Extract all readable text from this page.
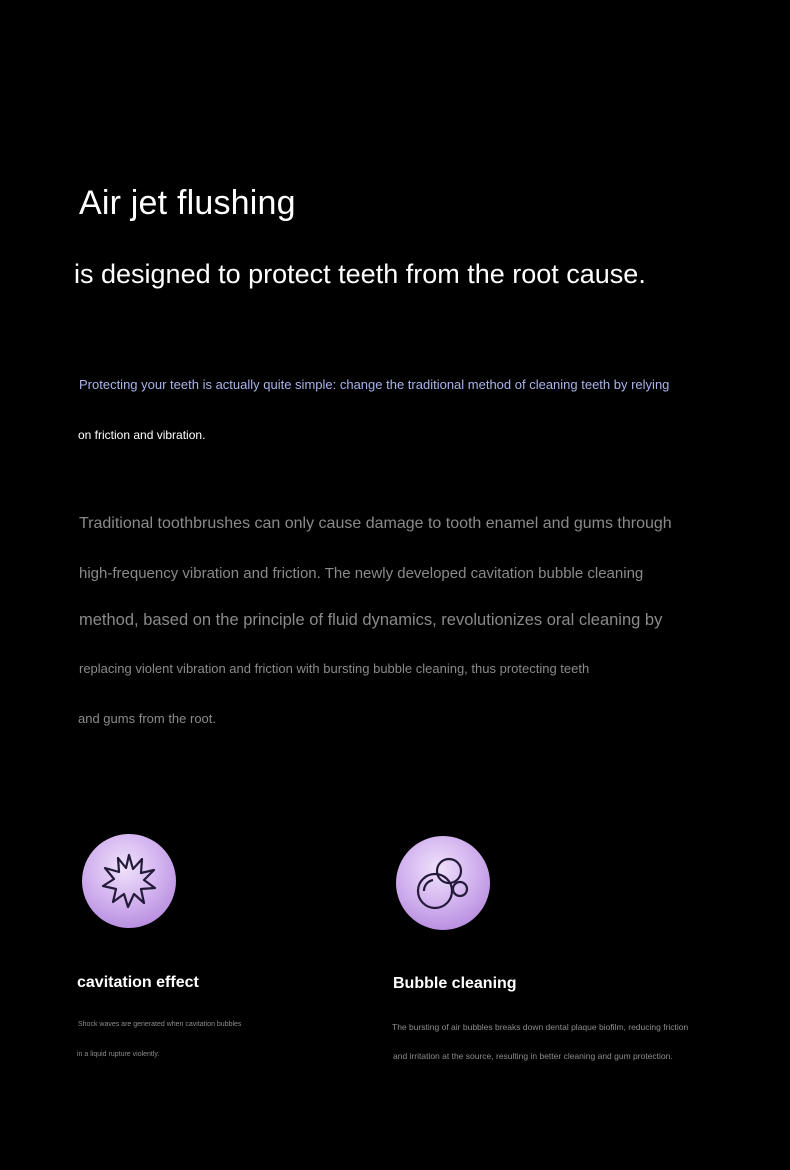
Air jet flushing
is designed to protect teeth from the root cause.

Protecting your teeth is actually quite simple: change the traditional method of cleaning teeth by relying

on friction and vibration.

Traditional toothbrushes can only cause damage to tooth enamel and gums through

high-frequency vibration and friction. The newly developed cavitation bubble cleaning

method, based on the principle of fluid dynamics, revolutionizes oral cleaning by

replacing violent vibration and friction with bursting bubble cleaning, thus protecting teeth

and gums from the root.

cavitation effect

Shock waves are generated when cavitation bubbles

in a liquid rupture violently.

Bubble cleaning

The bursting of air bubbles breaks down dental plaque biofilm, reducing friction

and irritation at the source, resulting in better cleaning and gum protection.
